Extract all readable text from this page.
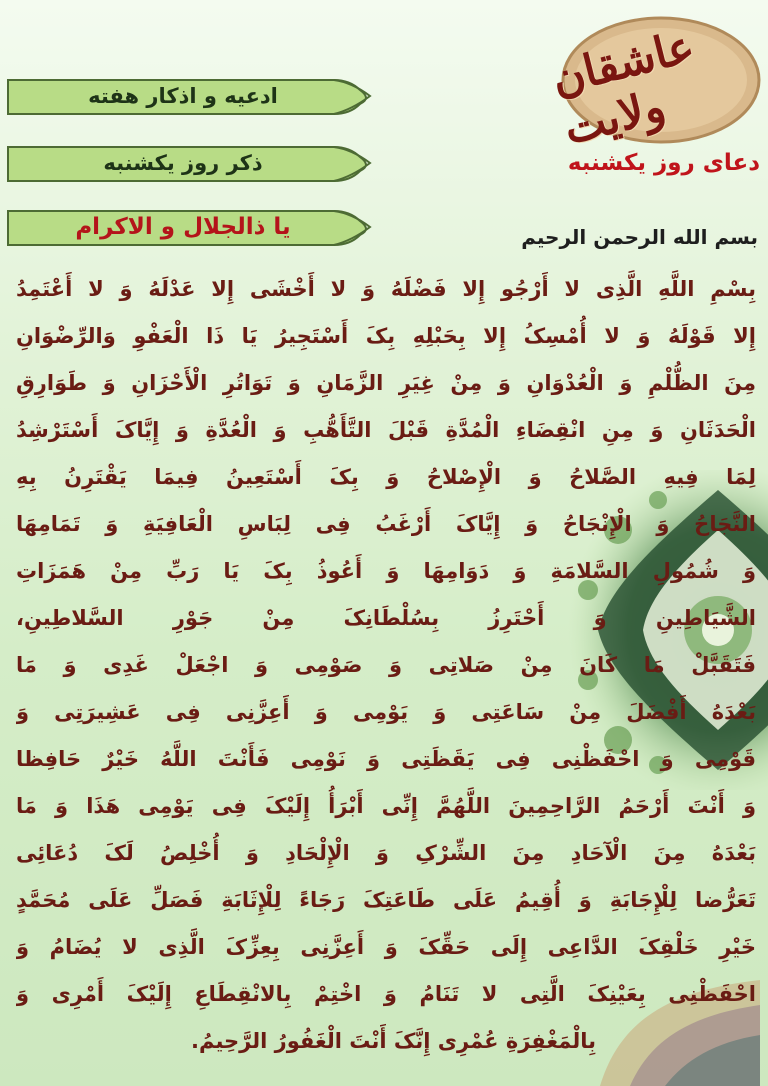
عاشقان ولايت
ادعیه و اذکار هفته
ذکر روز یکشنبه
یا ذالجلال و الاکرام
دعای روز یکشنبه
بسم الله الرحمن الرحیم
بِسْمِ اللَّهِ الَّذِی لا أَرْجُو إِلا فَضْلَهُ وَ لا أَخْشَی إِلا عَدْلَهُ وَ لا أَعْتَمِدُ
إِلا قَوْلَهُ وَ لا أُمْسِکُ إِلا بِحَبْلِهِ بِکَ أَسْتَجِیرُ یَا ذَا الْعَفْوِ وَالرِّضْوَانِ
مِنَ الظُّلْمِ وَ الْعُدْوَانِ وَ مِنْ غِیَرِ الزَّمَانِ وَ تَوَاتُرِ الْأَحْزَانِ وَ طَوَارِقِ
الْحَدَثَانِ وَ مِنِ انْقِضَاءِ الْمُدَّةِ قَبْلَ التَّأَهُّبِ وَ الْعُدَّةِ وَ إِیَّاکَ أَسْتَرْشِدُ
لِمَا فِیهِ الصَّلاحُ وَ الْإِصْلاحُ وَ بِکَ أَسْتَعِینُ فِیمَا یَقْتَرِنُ بِهِ
النَّجَاحُ وَ الْإِنْجَاحُ وَ إِیَّاکَ أَرْغَبُ فِی لِبَاسِ الْعَافِیَةِ وَ تَمَامِهَا
وَ شُمُولِ السَّلامَةِ وَ دَوَامِهَا وَ أَعُوذُ بِکَ یَا رَبِّ مِنْ هَمَزَاتِ
الشَّیَاطِینِ وَ أَحْتَرِزُ بِسُلْطَانِکَ مِنْ جَوْرِ السَّلاطِینِ،
فَتَقَبَّلْ مَا کَانَ مِنْ صَلاتِی وَ صَوْمِی وَ اجْعَلْ غَدِی وَ مَا
بَعْدَهُ أَفْضَلَ مِنْ سَاعَتِی وَ یَوْمِی وَ أَعِزَّنِی فِی عَشِیرَتِی وَ
قَوْمِی وَ احْفَظْنِی فِی یَقَظَتِی وَ نَوْمِی فَأَنْتَ اللَّهُ خَیْرٌ حَافِظا
وَ أَنْتَ أَرْحَمُ الرَّاحِمِینَ اللَّهُمَّ إِنِّی أَبْرَأُ إِلَیْکَ فِی یَوْمِی هَذَا وَ مَا
بَعْدَهُ مِنَ الْآحَادِ مِنَ الشِّرْکِ وَ الْإِلْحَادِ وَ أُخْلِصُ لَکَ دُعَائِی
تَعَرُّضا لِلْإِجَابَةِ وَ أُقِیمُ عَلَی طَاعَتِکَ رَجَاءً لِلْإِثَابَةِ فَصَلِّ عَلَی مُحَمَّدٍ
خَیْرِ خَلْقِکَ الدَّاعِی إِلَی حَقِّکَ وَ أَعِزَّنِی بِعِزِّکَ الَّذِی لا یُضَامُ وَ
احْفَظْنِی بِعَیْنِکَ الَّتِی لا تَنَامُ وَ اخْتِمْ بِالانْقِطَاعِ إِلَیْکَ أَمْرِی وَ
بِالْمَغْفِرَةِ عُمْرِی إِنَّکَ أَنْتَ الْغَفُورُ الرَّحِیمُ.
